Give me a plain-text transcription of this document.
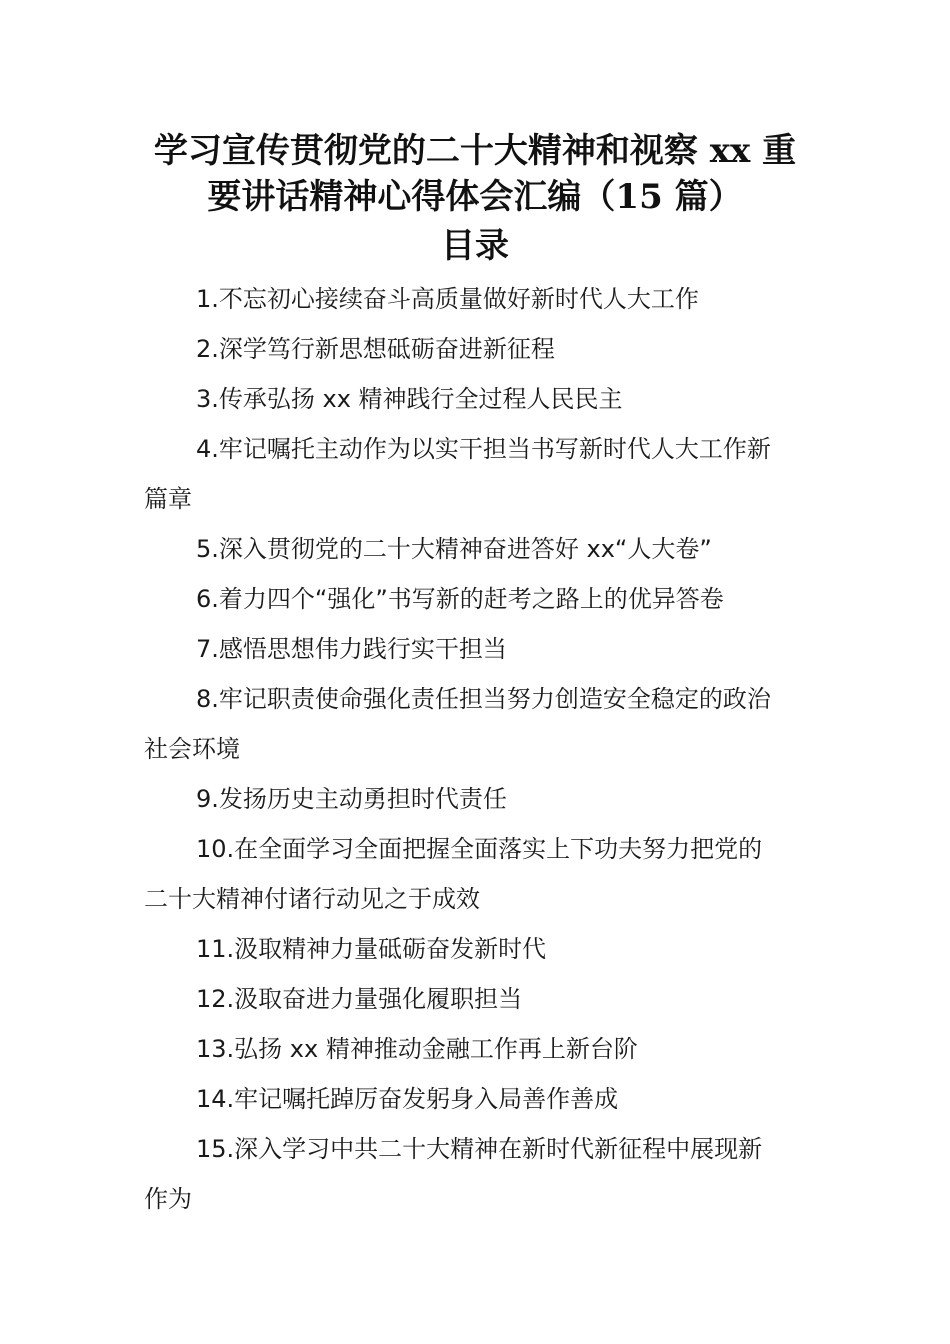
学习宣传贯彻党的二十大精神和视察 xx 重
要讲话精神心得体会汇编（15 篇）
目录
1.不忘初心接续奋斗高质量做好新时代人大工作
2.深学笃行新思想砥砺奋进新征程
3.传承弘扬 xx 精神践行全过程人民民主
4.牢记嘱托主动作为以实干担当书写新时代人大工作新
篇章
5.深入贯彻党的二十大精神奋进答好 xx“人大卷”
6.着力四个“强化”书写新的赶考之路上的优异答卷
7.感悟思想伟力践行实干担当
8.牢记职责使命强化责任担当努力创造安全稳定的政治
社会环境
9.发扬历史主动勇担时代责任
10.在全面学习全面把握全面落实上下功夫努力把党的
二十大精神付诸行动见之于成效
11.汲取精神力量砥砺奋发新时代
12.汲取奋进力量强化履职担当
13.弘扬 xx 精神推动金融工作再上新台阶
14.牢记嘱托踔厉奋发躬身入局善作善成
15.深入学习中共二十大精神在新时代新征程中展现新
作为
